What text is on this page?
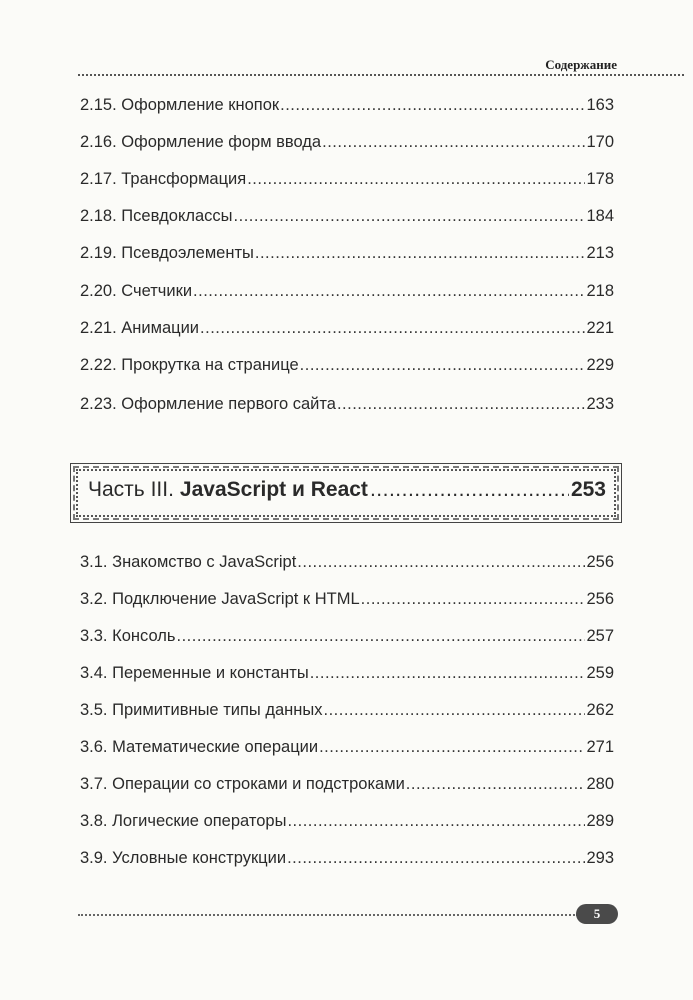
Содержание
2.15. Оформление кнопок .....	163
2.16. Оформление форм ввода .....	170
2.17. Трансформация .....	178
2.18. Псевдоклассы .....	184
2.19. Псевдоэлементы .....	213
2.20. Счетчики .....	218
2.21. Анимации .....	221
2.22. Прокрутка на странице .....	229
2.23. Оформление первого сайта .....	233
Часть III. JavaScript и React .....	253
3.1. Знакомство с JavaScript .....	256
3.2. Подключение JavaScript к HTML .....	256
3.3. Консоль .....	257
3.4. Переменные и константы .....	259
3.5. Примитивные типы данных .....	262
3.6. Математические операции .....	271
3.7. Операции со строками и подстроками .....	280
3.8. Логические операторы .....	289
3.9. Условные конструкции .....	293
5
